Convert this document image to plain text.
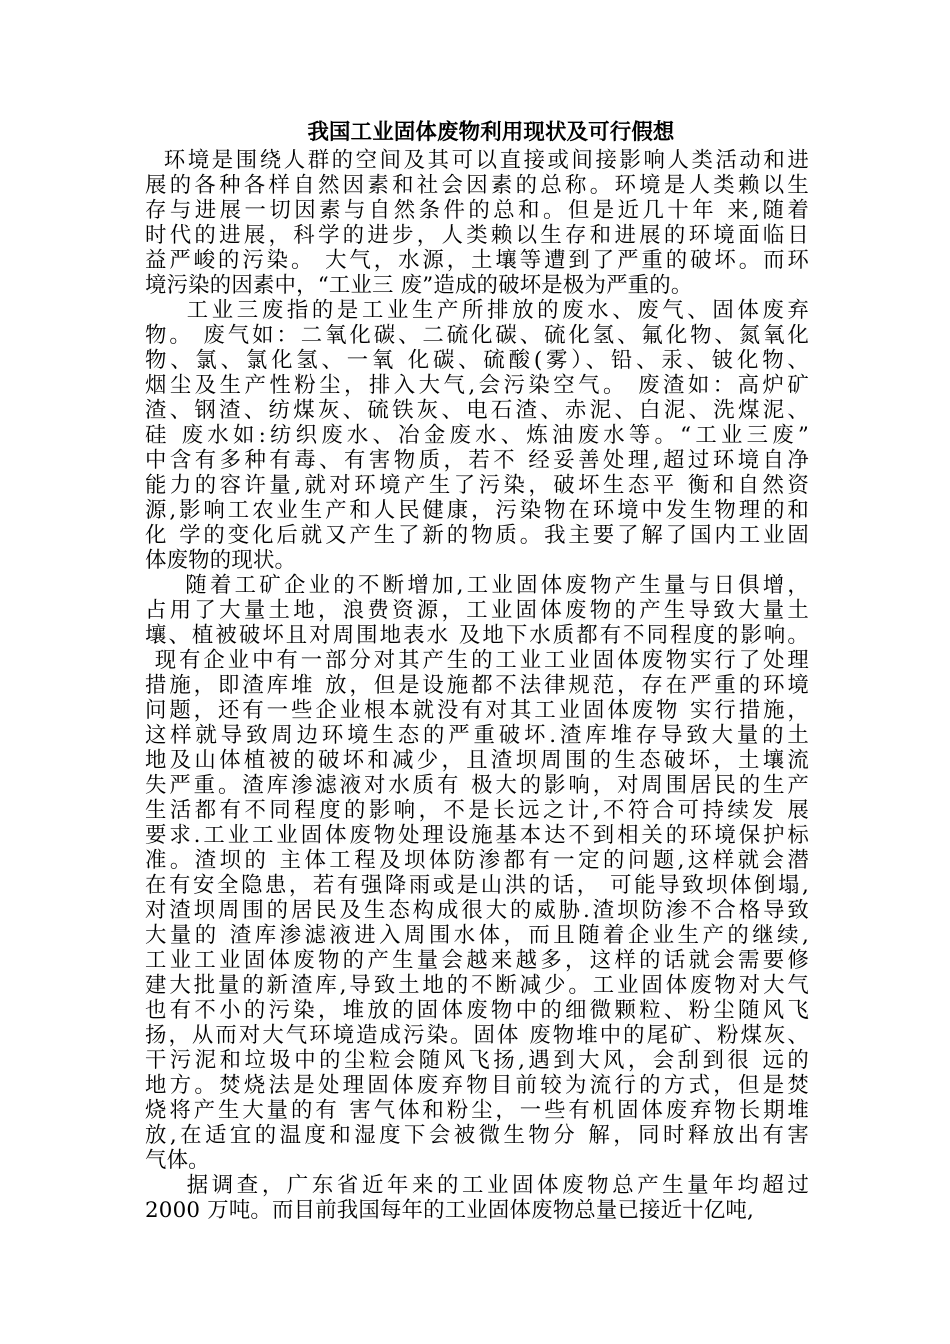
我国工业固体废物利用现状及可行假想
环境是围绕人群的空间及其可以直接或间接影响人类活动和进
展的各种各样自然因素和社会因素的总称。环境是人类赖以生
存与进展一切因素与自然条件的总和。但是近几十年 来,随着
时代的进展，科学的进步，人类赖以生存和进展的环境面临日
益严峻的污染。 大气，水源，土壤等遭到了严重的破坏。而环
境污染的因素中，“工业三 废”造成的破坏是极为严重的。
工业三废指的是工业生产所排放的废水、废气、固体废弃
物。 废气如：二氧化碳、二硫化碳、硫化氢、氟化物、氮氧化
物、氯、氯化氢、一氧 化碳、硫酸(雾）、铅、汞、铍化物、
烟尘及生产性粉尘，排入大气,会污染空气。 废渣如：高炉矿
渣、钢渣、纺煤灰、硫铁灰、电石渣、赤泥、白泥、洗煤泥、
硅 废水如:纺织废水、冶金废水、炼油废水等。“工业三废”
中含有多种有毒、有害物质，若不 经妥善处理,超过环境自净
能力的容许量,就对环境产生了污染，破坏生态平 衡和自然资
源,影响工农业生产和人民健康，污染物在环境中发生物理的和
化 学的变化后就又产生了新的物质。我主要了解了国内工业固
体废物的现状。
随着工矿企业的不断增加,工业固体废物产生量与日俱增，
占用了大量土地，浪费资源，工业固体废物的产生导致大量土
壤、植被破坏且对周围地表水 及地下水质都有不同程度的影响。
现有企业中有一部分对其产生的工业工业固体废物实行了处理
措施，即渣库堆 放，但是设施都不法律规范，存在严重的环境
问题，还有一些企业根本就没有对其工业固体废物 实行措施，
这样就导致周边环境生态的严重破坏.渣库堆存导致大量的土
地及山体植被的破坏和减少，且渣坝周围的生态破坏，土壤流
失严重。渣库渗滤液对水质有 极大的影响，对周围居民的生产
生活都有不同程度的影响，不是长远之计,不符合可持续发 展
要求.工业工业固体废物处理设施基本达不到相关的环境保护标
准。渣坝的 主体工程及坝体防渗都有一定的问题,这样就会潜
在有安全隐患，若有强降雨或是山洪的话， 可能导致坝体倒塌,
对渣坝周围的居民及生态构成很大的威胁.渣坝防渗不合格导致
大量的 渣库渗滤液进入周围水体，而且随着企业生产的继续,
工业工业固体废物的产生量会越来越多，这样的话就会需要修
建大批量的新渣库,导致土地的不断减少。工业固体废物对大气
也有不小的污染，堆放的固体废物中的细微颗粒、粉尘随风飞
扬，从而对大气环境造成污染。固体 废物堆中的尾矿、粉煤灰、
干污泥和垃圾中的尘粒会随风飞扬,遇到大风，会刮到很 远的
地方。焚烧法是处理固体废弃物目前较为流行的方式，但是焚
烧将产生大量的有 害气体和粉尘，一些有机固体废弃物长期堆
放,在适宜的温度和湿度下会被微生物分 解，同时释放出有害
气体。
据调查，广东省近年来的工业固体废物总产生量年均超过
2000 万吨。而目前我国每年的工业固体废物总量已接近十亿吨,
